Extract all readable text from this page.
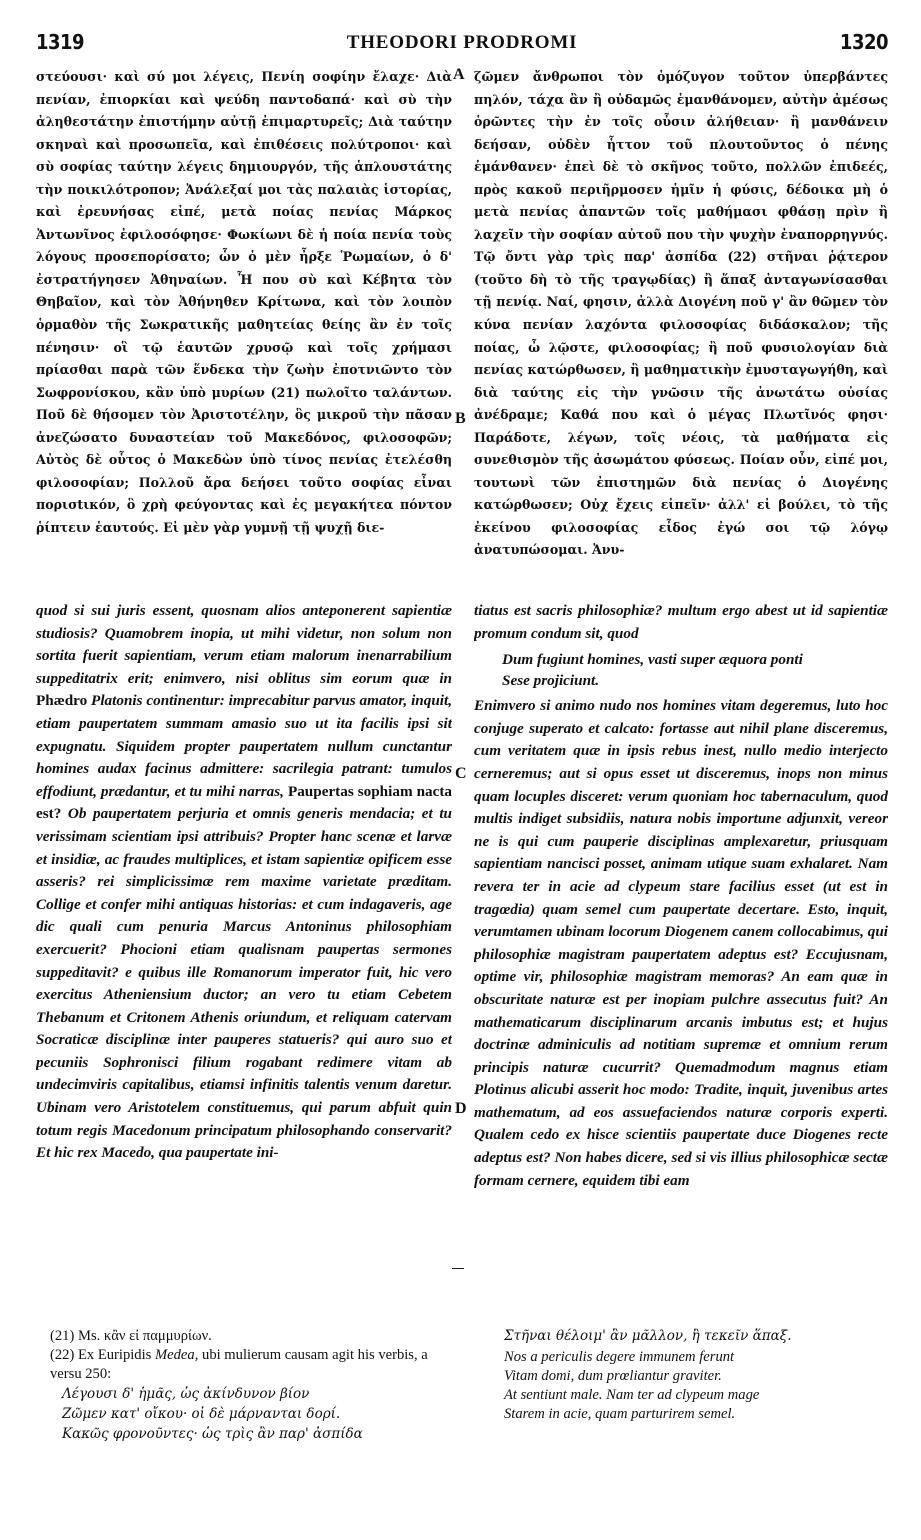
1319	THEODORI PRODROMI	1320
A
B
C
D

στεύουσι· καὶ σύ μοι λέγεις, Πενίη σοφίην ἔλαχε· Διὰ πενίαν, ἐπιορκίαι καὶ ψεύδη παντοδαπά· καὶ σὺ τὴν ἀληθεστάτην ἐπιστήμην αὐτῇ ἐπιμαρτυρεῖς; Διὰ ταύτην σκηναὶ καὶ προσωπεῖα, καὶ ἐπιθέσεις πολύτροποι· καὶ σὺ σοφίας ταύτην λέγεις δημιουργόν, τῆς ἁπλουστάτης τὴν ποικιλότροπον; Ἀνάλεξαί μοι τὰς παλαιὰς ἱστορίας, καὶ ἐρευνήσας εἰπέ, μετὰ ποίας πενίας Μάρκος Ἀντωνῖνος ἐφιλοσόφησε· Φωκίωνι δὲ ἡ ποία πενία τοὺς λόγους προσεπορίσατο; ὧν ὁ μὲν ἦρξε Ῥωμαίων, ὁ δ' ἐστρατήγησεν Ἀθηναίων. Ἦ που σὺ καὶ Κέβητα τὸν Θηβαῖον, καὶ τὸν Ἀθήνηθεν Κρίτωνα, καὶ τὸν λοιπὸν ὁρμαθὸν τῆς Σωκρατικῆς μαθητείας θείης ἂν ἐν τοῖς πένησιν· οἳ τῷ ἑαυτῶν χρυσῷ καὶ τοῖς χρήμασι πρίασθαι παρὰ τῶν ἕνδεκα τὴν ζωὴν ἐποτνιῶντο τὸν Σωφρονίσκου, κἂν ὑπὸ μυρίων (21) πωλοῖτο ταλάντων. Ποῦ δὲ θήσομεν τὸν Ἀριστοτέλην, ὃς μικροῦ τὴν πᾶσαν ἀνεζώσατο δυναστείαν τοῦ Μακεδόνος, φιλοσοφῶν; Αὐτὸς δὲ οὗτος ὁ Μακεδὼν ὑπὸ τίνος πενίας ἐτελέσθη φιλοσοφίαν; Πολλοῦ ἄρα δεήσει τοῦτο σοφίας εἶναι πορισtικόν, ὃ χρὴ φεύγοντας καὶ ἐς μεγακήτεα πόντον ῥίπτειν ἑαυτούς. Εἰ μὲν γὰρ γυμνῇ τῇ ψυχῇ διε-

ζῶμεν ἄνθρωποι τὸν ὁμόζυγον τοῦτον ὑπερβάντες πηλόν, τάχα ἂν ἢ οὐδαμῶς ἐμανθάνομεν, αὐτὴν ἀμέσως ὁρῶντες τὴν ἐν τοῖς οὖσιν ἀλήθειαν· ἢ μανθάνειν δεήσαν, οὐδὲν ἧττον τοῦ πλουτοῦντος ὁ πένης ἐμάνθανεν· ἐπεὶ δὲ τὸ σκῆνος τοῦτο, πολλῶν ἐπιδεές, πρὸς κακοῦ περιῆρμοσεν ἡμῖν ἡ φύσις, δέδοικα μὴ ὁ μετὰ πενίας ἀπαντῶν τοῖς μαθήμασι φθάσῃ πρὶν ἢ λαχεῖν τὴν σοφίαν αὐτοῦ που τὴν ψυχὴν ἐναπορρηγνύς. Τῷ ὄντι γὰρ τρὶς παρ' ἀσπίδα (22) στῆναι ῥᾴτερον (τοῦτο δὴ τὸ τῆς τραγῳδίας) ἢ ἅπαξ ἀνταγωνίσασθαι τῇ πενίᾳ. Ναί, φησιν, ἀλλὰ Διογένη ποῦ γ' ἂν θῶμεν τὸν κύνα πενίαν λαχόντα φιλοσοφίας διδάσκαλον; τῆς ποίας, ὦ λῷστε, φιλοσοφίας; ἢ ποῦ φυσιολογίαν διὰ πενίας κατώρθωσεν, ἢ μαθηματικὴν ἐμυσταγωγήθη, καὶ διὰ ταύτης εἰς τὴν γνῶσιν τῆς ἀνωτάτω οὐσίας ἀνέδραμε; Καθά που καὶ ὁ μέγας Πλωτῖνός φησι· Παράδοτε, λέγων, τοῖς νέοις, τὰ μαθήματα εἰς συνεθισμὸν τῆς ἀσωμάτου φύσεως. Ποίαν οὖν, εἰπέ μοι, τουτωνὶ τῶν ἐπιστημῶν διὰ πενίας ὁ Διογένης κατώρθωσεν; Οὐχ ἔχεις εἰπεῖν· ἀλλ' εἰ βούλει, τὸ τῆς ἐκείνου φιλοσοφίας εἶδος ἐγώ σοι τῷ λόγῳ ἀνατυπώσομαι. Ἀνυ-

quod si sui juris essent, quosnam alios anteponerent sapientiæ studiosis? Quamobrem inopia, ut mihi videtur, non solum non sortita fuerit sapientiam, verum etiam malorum inenarrabilium suppeditatrix erit; enimvero, nisi oblitus sim eorum quæ in Phædro Platonis continentur: imprecabitur parvus amator, inquit, etiam paupertatem summam amasio suo ut ita facilis ipsi sit expugnatu. Siquidem propter paupertatem nullum cunctantur homines audax facinus admittere: sacrilegia patrant: tumulos effodiunt, prædantur, et tu mihi narras, Paupertas sophiam nacta est? Ob paupertatem perjuria et omnis generis mendacia; et tu verissimam scientiam ipsi attribuis? Propter hanc scenæ et larvæ et insidiæ, ac fraudes multiplices, et istam sapientiæ opificem esse asseris? rei simplicissimæ rem maxime varietate præditam. Collige et confer mihi antiquas historias: et cum indagaveris, age dic quali cum penuria Marcus Antoninus philosophiam exercuerit? Phocioni etiam qualisnam paupertas sermones suppeditavit? e quibus ille Romanorum imperator fuit, hic vero exercitus Atheniensium ductor; an vero tu etiam Cebetem Thebanum et Critonem Athenis oriundum, et reliquam catervam Socraticæ disciplinæ inter pauperes statueris? qui auro suo et pecuniis Sophronisci filium rogabant redimere vitam ab undecimviris capitalibus, etiamsi infinitis talentis venum daretur. Ubinam vero Aristotelem constituemus, qui parum abfuit quin totum regis Macedonum principatum philosophando conservarit? Et hic rex Macedo, qua paupertate ini-

tiatus est sacris philosophiæ? multum ergo abest ut id sapientiæ promum condum sit, quod

Dum fugiunt homines, vasti super æquora ponti
Sese projiciunt.

Enimvero si animo nudo nos homines vitam degeremus, luto hoc conjuge superato et calcato: fortasse aut nihil plane disceremus, cum veritatem quæ in ipsis rebus inest, nullo medio interjecto cerneremus; aut si opus esset ut disceremus, inops non minus quam locuples disceret: verum quoniam hoc tabernaculum, quod multis indiget subsidiis, natura nobis importune adjunxit, vereor ne is qui cum pauperie disciplinas amplexaretur, priusquam sapientiam nancisci posset, animam utique suam exhalaret. Nam revera ter in acie ad clypeum stare facilius esset (ut est in tragœdia) quam semel cum paupertate decertare. Esto, inquit, verumtamen ubinam locorum Diogenem canem collocabimus, qui philosophiæ magistram paupertatem adeptus est? Eccujusnam, optime vir, philosophiæ magistram memoras? An eam quæ in obscuritate naturæ est per inopiam pulchre assecutus fuit? An mathematicarum disciplinarum arcanis imbutus est; et hujus doctrinæ adminiculis ad notitiam supremæ et omnium rerum principis naturæ cucurrit? Quemadmodum magnus etiam Plotinus alicubi asserit hoc modo: Tradite, inquit, juvenibus artes mathematum, ad eos assuefaciendos naturæ corporis experti. Qualem cedo ex hisce scientiis paupertate duce Diogenes recte adeptus est? Non habes dicere, sed si vis illius philosophicæ sectæ formam cernere, equidem tibi eam

(21) Ms. κἂν εἰ παμμυρίων.

(22) Ex Euripidis Medea, ubi mulierum causam agit his verbis, a versu 250:

Λέγουσι δ' ἡμᾶς, ὡς ἀκίνδυνον βίον

Ζῶμεν κατ' οἴκου· οἱ δὲ μάρνανται δορί.

Κακῶς φρονοῦντες· ὡς τρὶς ἂν παρ' ἀσπίδα

Στῆναι θέλοιμ' ἂν μᾶλλον, ἢ τεκεῖν ἅπαξ.

Nos a periculis degere immunem ferunt

Vitam domi, dum prœliantur graviter.

At sentiunt male. Nam ter ad clypeum mage

Starem in acie, quam parturirem semel.
